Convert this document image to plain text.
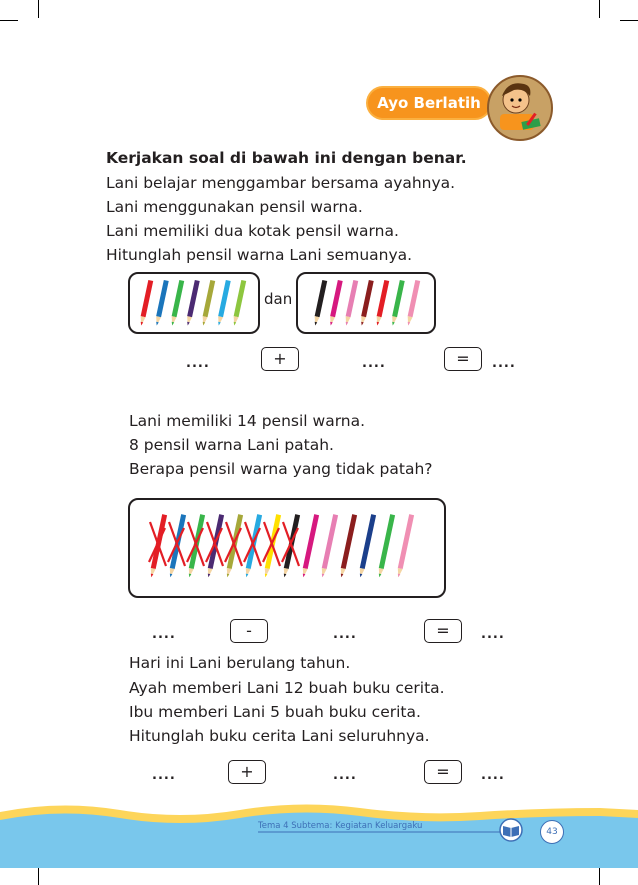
Ayo Berlatih
Kerjakan soal di bawah ini dengan benar.
Lani belajar menggambar bersama ayahnya.
Lani menggunakan pensil warna.
Lani memiliki dua kotak pensil warna.
Hitunglah pensil warna Lani semuanya.
dan
....	+	....	=	....
Lani memiliki 14 pensil warna.
8 pensil warna Lani patah.
Berapa pensil warna yang tidak patah?
....	-	....	=	....
Hari ini Lani berulang tahun.
Ayah memberi Lani 12 buah buku cerita.
Ibu memberi Lani 5 buah buku cerita.
Hitunglah buku cerita Lani seluruhnya.
....	+	....	=	....
Tema 4 Subtema: Kegiatan Keluargaku
43
